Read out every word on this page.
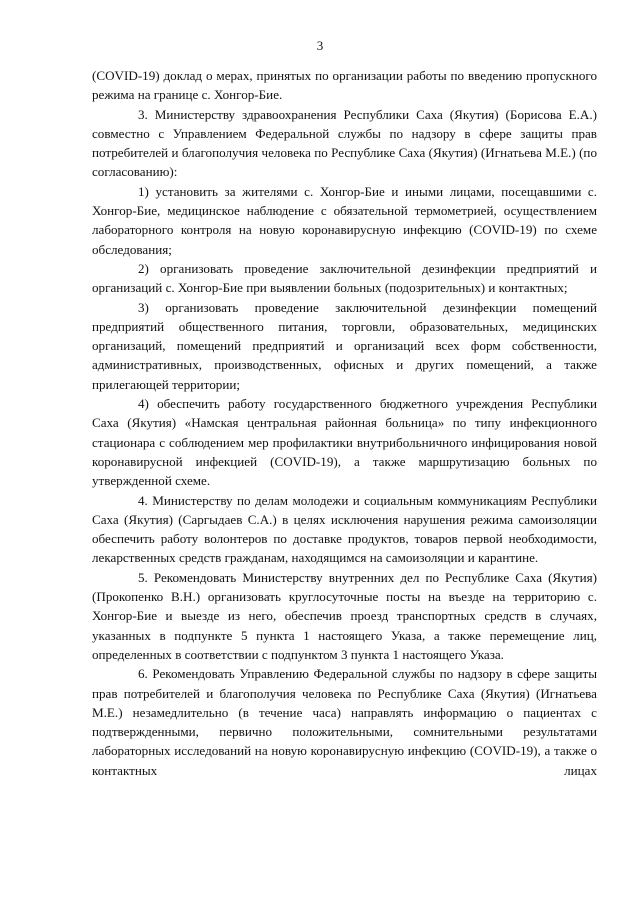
3

(COVID-19) доклад о мерах, принятых по организации работы по введению пропускного режима на границе с. Хонгор-Бие.

3. Министерству здравоохранения Республики Саха (Якутия) (Борисова Е.А.) совместно с Управлением Федеральной службы по надзору в сфере защиты прав потребителей и благополучия человека по Республике Саха (Якутия) (Игнатьева М.Е.) (по согласованию):

1) установить за жителями с. Хонгор-Бие и иными лицами, посещавшими с. Хонгор-Бие, медицинское наблюдение с обязательной термометрией, осуществлением лабораторного контроля на новую коронавирусную инфекцию (COVID-19) по схеме обследования;

2) организовать проведение заключительной дезинфекции предприятий и организаций с. Хонгор-Бие при выявлении больных (подозрительных) и контактных;

3) организовать проведение заключительной дезинфекции помещений предприятий общественного питания, торговли, образовательных, медицинских организаций, помещений предприятий и организаций всех форм собственности, административных, производственных, офисных и других помещений, а также прилегающей территории;

4) обеспечить работу государственного бюджетного учреждения Республики Саха (Якутия) «Намская центральная районная больница» по типу инфекционного стационара с соблюдением мер профилактики внутрибольничного инфицирования новой коронавирусной инфекцией (COVID-19), а также маршрутизацию больных по утвержденной схеме.

4. Министерству по делам молодежи и социальным коммуникациям Республики Саха (Якутия) (Саргыдаев С.А.) в целях исключения нарушения режима самоизоляции обеспечить работу волонтеров по доставке продуктов, товаров первой необходимости, лекарственных средств гражданам, находящимся на самоизоляции и карантине.

5. Рекомендовать Министерству внутренних дел по Республике Саха (Якутия) (Прокопенко В.Н.) организовать круглосуточные посты на въезде на территорию с. Хонгор-Бие и выезде из него, обеспечив проезд транспортных средств в случаях, указанных в подпункте 5 пункта 1 настоящего Указа, а также перемещение лиц, определенных в соответствии с подпунктом 3 пункта 1 настоящего Указа.

6. Рекомендовать Управлению Федеральной службы по надзору в сфере защиты прав потребителей и благополучия человека по Республике Саха (Якутия) (Игнатьева М.Е.) незамедлительно (в течение часа) направлять информацию о пациентах с подтвержденными, первично положительными, сомнительными результатами лабораторных исследований на новую коронавирусную инфекцию (COVID-19), а также о контактных лицах
